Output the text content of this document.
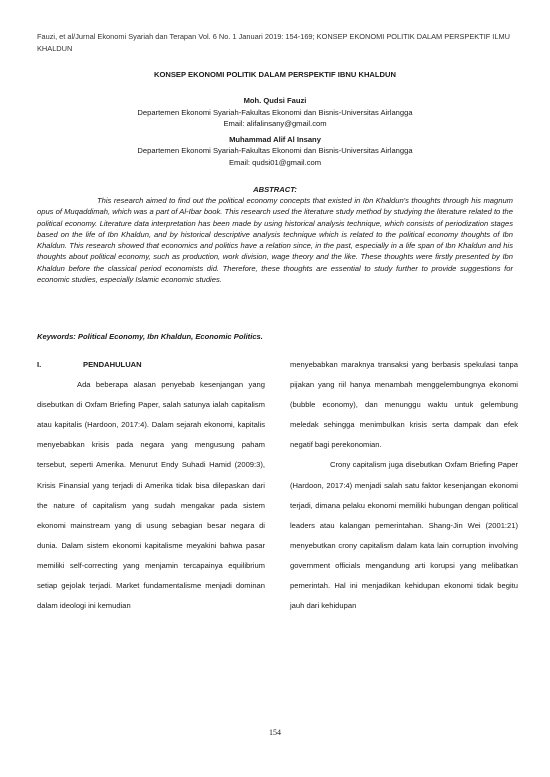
Fauzi, et al/Jurnal Ekonomi Syariah dan Terapan Vol. 6 No. 1 Januari 2019: 154-169; KONSEP EKONOMI POLITIK DALAM PERSPEKTIF ILMU KHALDUN
KONSEP EKONOMI POLITIK DALAM PERSPEKTIF IBNU KHALDUN
Moh. Qudsi Fauzi
Departemen Ekonomi Syariah-Fakultas Ekonomi dan Bisnis-Universitas Airlangga
Email: alifalinsany@gmail.com
Muhammad Alif Al Insany
Departemen Ekonomi Syariah-Fakultas Ekonomi dan Bisnis-Universitas Airlangga
Email: qudsi01@gmail.com
ABSTRACT:
This research aimed to find out the political economy concepts that existed in Ibn Khaldun's thoughts through his magnum opus of Muqaddimah, which was a part of Al-Ibar book. This research used the literature study method by studying the literature related to the political economy. Literature data interpretation has been made by using historical analysis technique, which consists of periodization stages based on the life of Ibn Khaldun, and by historical descriptive analysis technique which is related to the political economy thoughts of Ibn Khaldun. This research showed that economics and politics have a relation since, in the past, especially in a life span of Ibn Khaldun and his thoughts about political economy, such as production, work division, wage theory and the like. These thoughts were firstly presented by Ibn Khaldun before the classical period economists did. Therefore, these thoughts are essential to study further to provide suggestions for economic studies, especially Islamic economic studies.
Keywords: Political Economy, Ibn Khaldun, Economic Politics.
I.	PENDAHULUAN

Ada beberapa alasan penyebab kesenjangan yang disebutkan di Oxfam Briefing Paper, salah satunya ialah capitalism atau kapitalis (Hardoon, 2017:4). Dalam sejarah ekonomi, kapitalis menyebabkan krisis pada negara yang mengusung paham tersebut, seperti Amerika. Menurut Endy Suhadi Hamid (2009:3), Krisis Finansial yang terjadi di Amerika tidak bisa dilepaskan dari the nature of capitalism yang sudah mengakar pada sistem ekonomi mainstream yang di usung sebagian besar negara di dunia. Dalam sistem ekonomi kapitalisme meyakini bahwa pasar memiliki self-correcting yang menjamin tercapainya equilibrium setiap gejolak terjadi. Market fundamentalisme menjadi dominan dalam ideologi ini kemudian

menyebabkan maraknya transaksi yang berbasis spekulasi tanpa pijakan yang riil hanya menambah menggelembungnya ekonomi (bubble economy), dan menunggu waktu untuk gelembung meledak sehingga menimbulkan krisis serta dampak dan efek negatif bagi perekonomian.

Crony capitalism juga disebutkan Oxfam Briefing Paper (Hardoon, 2017:4) menjadi salah satu faktor kesenjangan ekonomi terjadi, dimana pelaku ekonomi memiliki hubungan dengan political leaders atau kalangan pemerintahan. Shang-Jin Wei (2001:21) menyebutkan crony capitalism dalam kata lain corruption involving government officials mengandung arti korupsi yang melibatkan pemerintah. Hal ini menjadikan kehidupan ekonomi tidak begitu jauh dari kehidupan

154
